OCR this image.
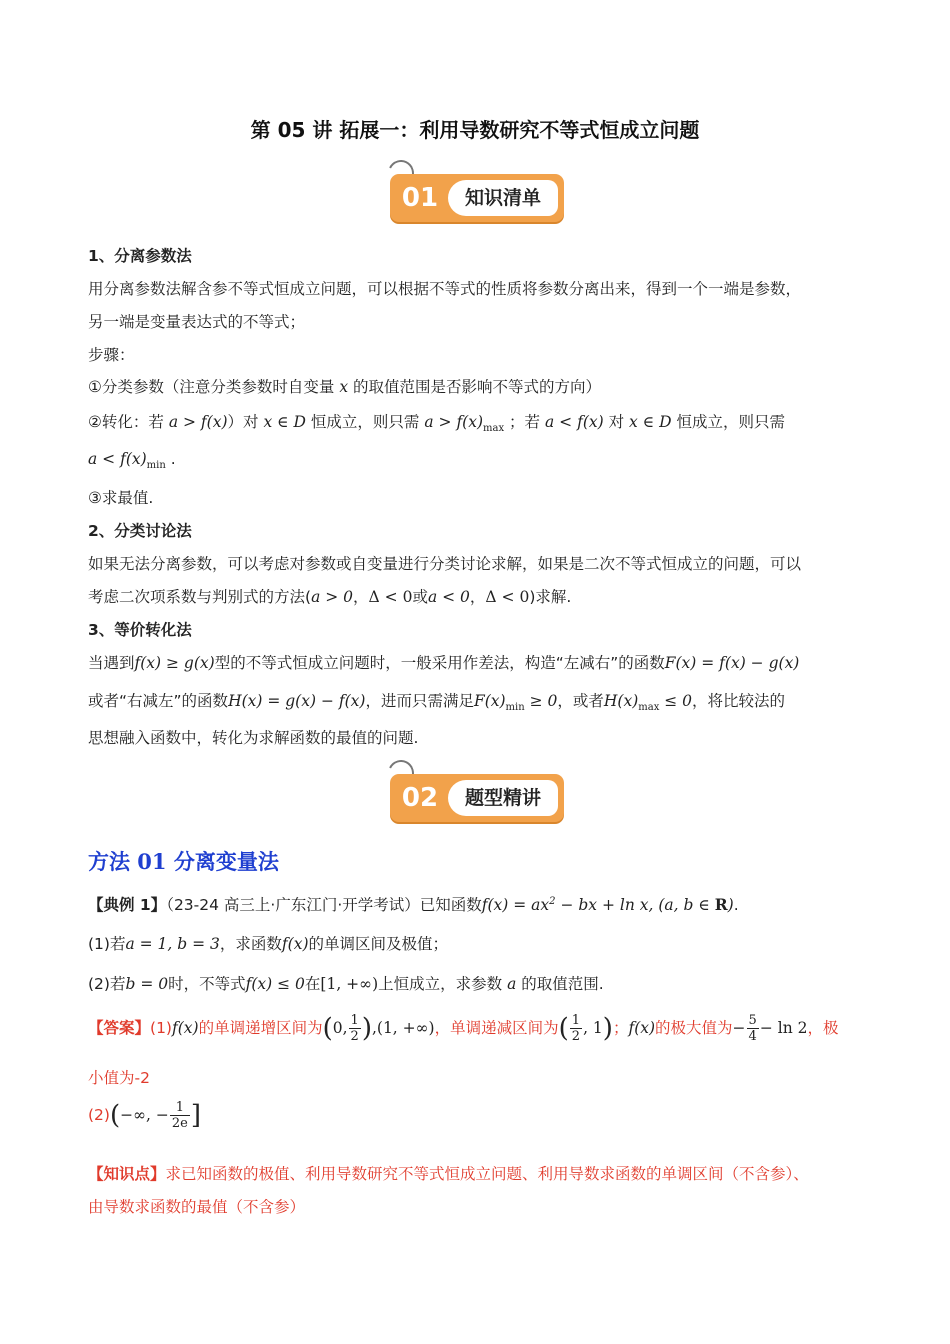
第 05 讲 拓展一：利用导数研究不等式恒成立问题
01	知识清单
1、分离参数法
用分离参数法解含参不等式恒成立问题，可以根据不等式的性质将参数分离出来，得到一个一端是参数，
另一端是变量表达式的不等式；
步骤：
①分类参数（注意分类参数时自变量 x 的取值范围是否影响不等式的方向）
②转化：若 a > f(x)）对 x ∈ D 恒成立，则只需 $a > f(x)_{max}$ ；若 a < f(x) 对 x ∈ D 恒成立，则只需
$a < f(x)_{min}$ .
③求最值.
2、分类讨论法
如果无法分离参数，可以考虑对参数或自变量进行分类讨论求解，如果是二次不等式恒成立的问题，可以
考虑二次项系数与判别式的方法(a > 0，Δ < 0或a < 0，Δ < 0)求解.
3、等价转化法
当遇到f(x) ≥ g(x)型的不等式恒成立问题时，一般采用作差法，构造“左减右”的函数F(x) = f(x) − g(x)
或者“右减左”的函数H(x) = g(x) − f(x)，进而只需满足$F(x)_{min} \ge 0$，或者$H(x)_{max} \le 0$，将比较法的
思想融入函数中，转化为求解函数的最值的问题.
02	题型精讲
方法 01 分离变量法
【典例 1】（23-24 高三上·广东江门·开学考试）已知函数$f(x) = ax^2$ − bx + ln x, (a, b ∈ R).
(1)若a = 1, b = 3，求函数f(x)的单调区间及极值；
(2)若b = 0时，不等式f(x) ≤ 0在[1, +∞)上恒成立，求参数 a 的取值范围.
【答案】(1)f(x)的单调递增区间为(0, $\frac{1}{2} ),(1$, +∞)，单调递减区间为( $\frac{1}{2}$ , 1)；f(x)的极大值为− $\frac{5}{4} - \ln 2$，极
小值为-2
(2)(−∞, − $\frac{1}{2e}$ ]
【知识点】求已知函数的极值、利用导数研究不等式恒成立问题、利用导数求函数的单调区间（不含参）、
由导数求函数的最值（不含参）
